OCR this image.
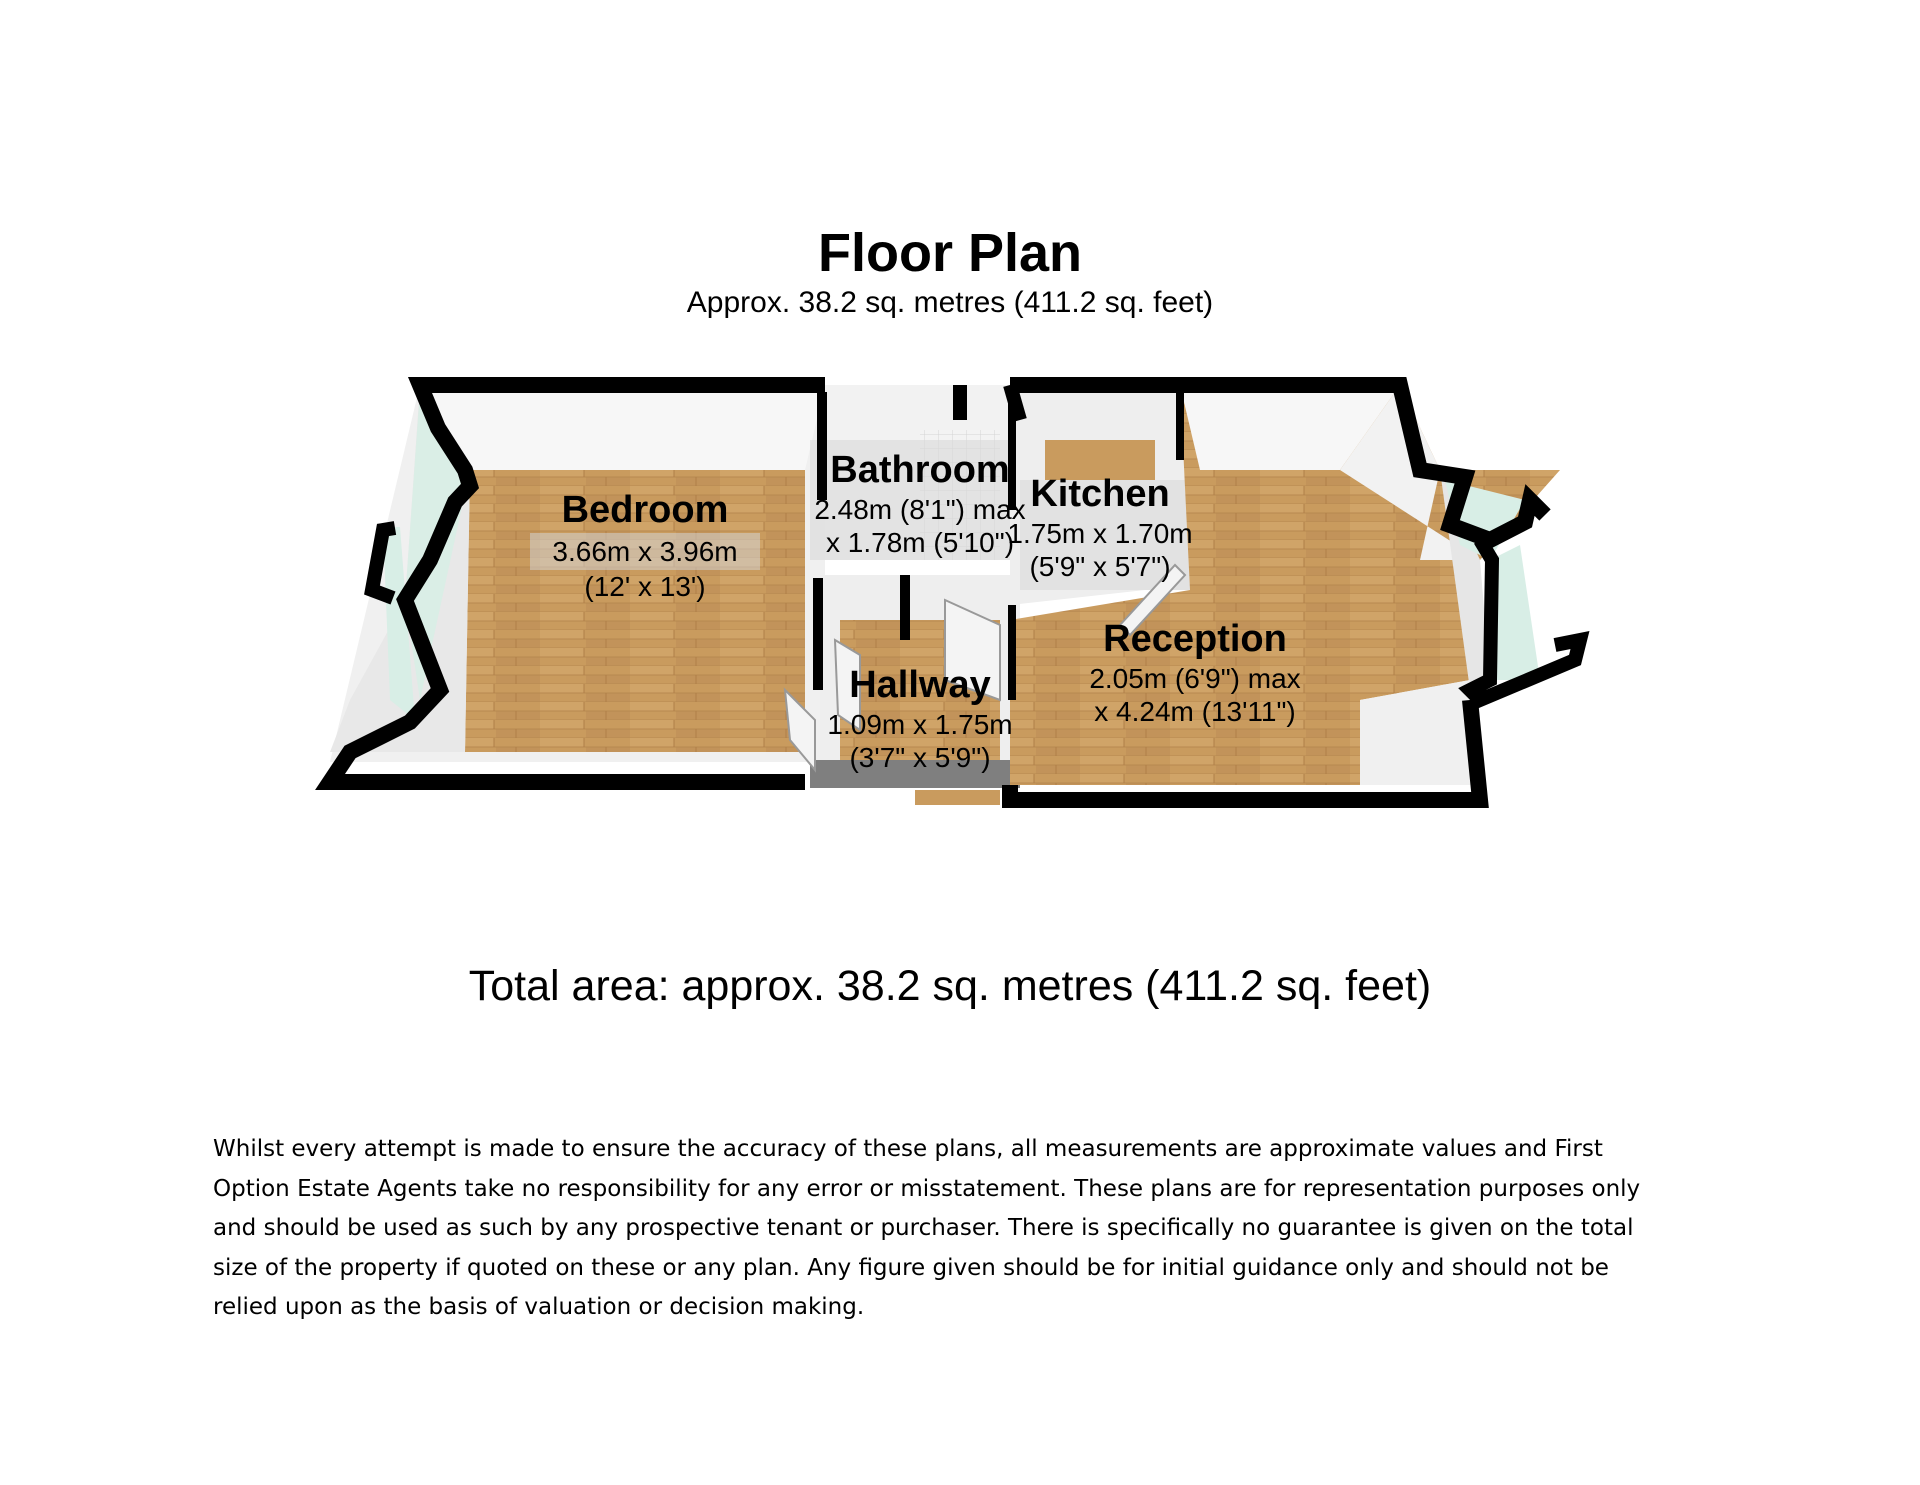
Floor Plan
Approx. 38.2 sq. metres (411.2 sq. feet)
Bedroom
3.66m x 3.96m
(12' x 13')
Bathroom
2.48m (8'1") max
x 1.78m (5'10")
Kitchen
1.75m x 1.70m
(5'9" x 5'7")
Hallway
1.09m x 1.75m
(3'7" x 5'9")
Reception
2.05m (6'9") max
x 4.24m (13'11")
Total area: approx. 38.2 sq. metres (411.2 sq. feet)
Whilst every attempt is made to ensure the accuracy of these plans, all measurements are approximate values and First Option Estate Agents take no responsibility for any error or misstatement. These plans are for representation purposes only and should be used as such by any prospective tenant or purchaser. There is specifically no guarantee is given on the total size of the property if quoted on these or any plan. Any figure given should be for initial guidance only and should not be relied upon as the basis of valuation or decision making.
